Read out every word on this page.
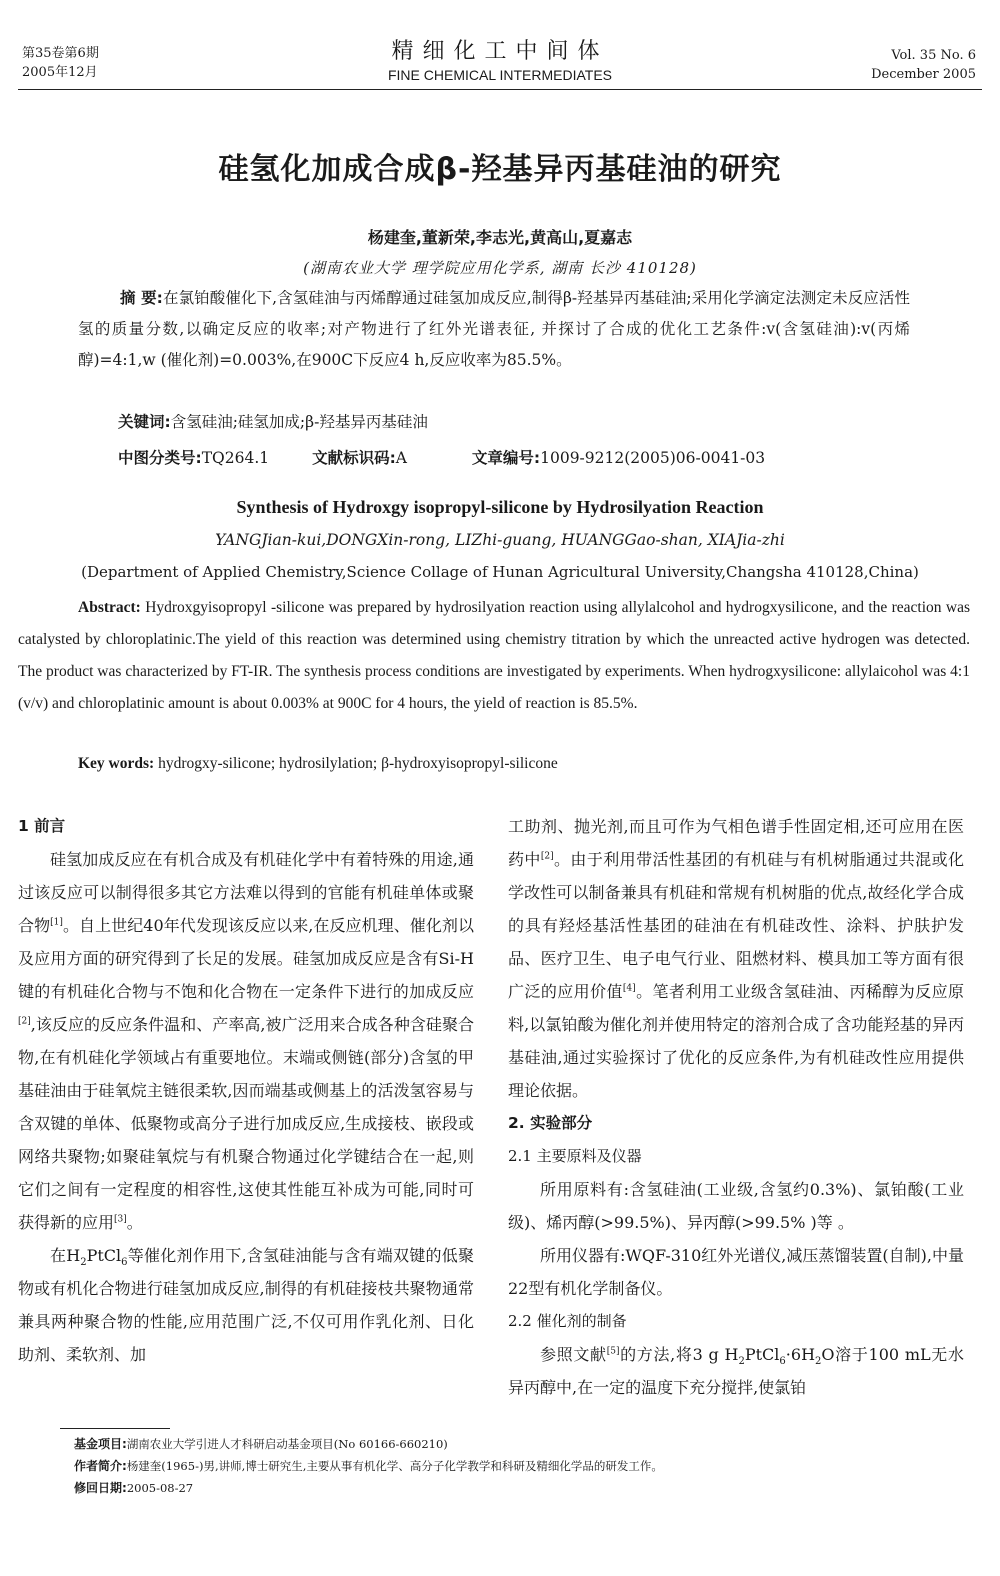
第35卷第6期
2005年12月
精细化工中间体
FINE CHEMICAL INTERMEDIATES
Vol. 35 No. 6
December 2005
硅氢化加成合成β-羟基异丙基硅油的研究
杨建奎,董新荣,李志光,黄高山,夏嘉志
(湖南农业大学 理学院应用化学系, 湖南 长沙 410128)
摘 要:在氯铂酸催化下,含氢硅油与丙烯醇通过硅氢加成反应,制得β-羟基异丙基硅油;采用化学滴定法测定未反应活性氢的质量分数,以确定反应的收率;对产物进行了红外光谱表征, 并探讨了合成的优化工艺条件:v(含氢硅油):v(丙烯醇)=4:1,w (催化剂)=0.003%,在900C下反应4 h,反应收率为85.5%。
关键词:含氢硅油;硅氢加成;β-羟基异丙基硅油
中图分类号:TQ264.1	文献标识码:A	文章编号:1009-9212(2005)06-0041-03
Synthesis of Hydroxgy isopropyl-silicone by Hydrosilyation Reaction
YANGJian-kui,DONGXin-rong, LIZhi-guang, HUANGGao-shan, XIAJia-zhi
(Department of Applied Chemistry,Science Collage of Hunan Agricultural University,Changsha 410128,China)
Abstract: Hydroxgyisopropyl -silicone was prepared by hydrosilyation reaction using allylalcohol and hydrogxysilicone, and the reaction was catalysted by chloroplatinic.The yield of this reaction was determined using chemistry titration by which the unreacted active hydrogen was detected. The product was characterized by FT-IR. The synthesis process conditions are investigated by experiments. When hydrogxysilicone: allylaicohol was 4:1 (v/v) and chloroplatinic amount is about 0.003% at 900C for 4 hours, the yield of reaction is 85.5%.
Key words: hydrogxy-silicone; hydrosilylation; β-hydroxyisopropyl-silicone
1 前言

硅氢加成反应在有机合成及有机硅化学中有着特殊的用途,通过该反应可以制得很多其它方法难以得到的官能有机硅单体或聚合物[1]。自上世纪40年代发现该反应以来,在反应机理、催化剂以及应用方面的研究得到了长足的发展。硅氢加成反应是含有Si-H键的有机硅化合物与不饱和化合物在一定条件下进行的加成反应[2],该反应的反应条件温和、产率高,被广泛用来合成各种含硅聚合物,在有机硅化学领域占有重要地位。末端或侧链(部分)含氢的甲基硅油由于硅氧烷主链很柔软,因而端基或侧基上的活泼氢容易与含双键的单体、低聚物或高分子进行加成反应,生成接枝、嵌段或网络共聚物;如聚硅氧烷与有机聚合物通过化学键结合在一起,则它们之间有一定程度的相容性,这使其性能互补成为可能,同时可获得新的应用[3]。

在$H_2PtCl_6$等催化剂作用下,含氢硅油能与含有端双键的低聚物或有机化合物进行硅氢加成反应,制得的有机硅接枝共聚物通常兼具两种聚合物的性能,应用范围广泛,不仅可用作乳化剂、日化助剂、柔软剂、加

工助剂、抛光剂,而且可作为气相色谱手性固定相,还可应用在医药中[2]。由于利用带活性基团的有机硅与有机树脂通过共混或化学改性可以制备兼具有机硅和常规有机树脂的优点,故经化学合成的具有羟烃基活性基团的硅油在有机硅改性、涂料、护肤护发品、医疗卫生、电子电气行业、阻燃材料、模具加工等方面有很广泛的应用价值[4]。笔者利用工业级含氢硅油、丙稀醇为反应原料,以氯铂酸为催化剂并使用特定的溶剂合成了含功能羟基的异丙基硅油,通过实验探讨了优化的反应条件,为有机硅改性应用提供理论依据。

2. 实验部分
2.1 主要原料及仪器

所用原料有:含氢硅油(工业级,含氢约0.3%)、氯铂酸(工业级)、烯丙醇(>99.5%)、异丙醇(>99.5% )等 。

所用仪器有:WQF-310红外光谱仪,减压蒸馏装置(自制),中量22型有机化学制备仪。

2.2 催化剂的制备

参照文献[5]的方法,将3 g $H_2PtCl_6\cdot 6H_2O$溶于100 mL无水异丙醇中,在一定的温度下充分搅拌,使氯铂

基金项目:湖南农业大学引进人才科研启动基金项目(No 60166-660210)
作者简介:杨建奎(1965-)男,讲师,博士研究生,主要从事有机化学、高分子化学教学和科研及精细化学品的研发工作。
修回日期:2005-08-27
